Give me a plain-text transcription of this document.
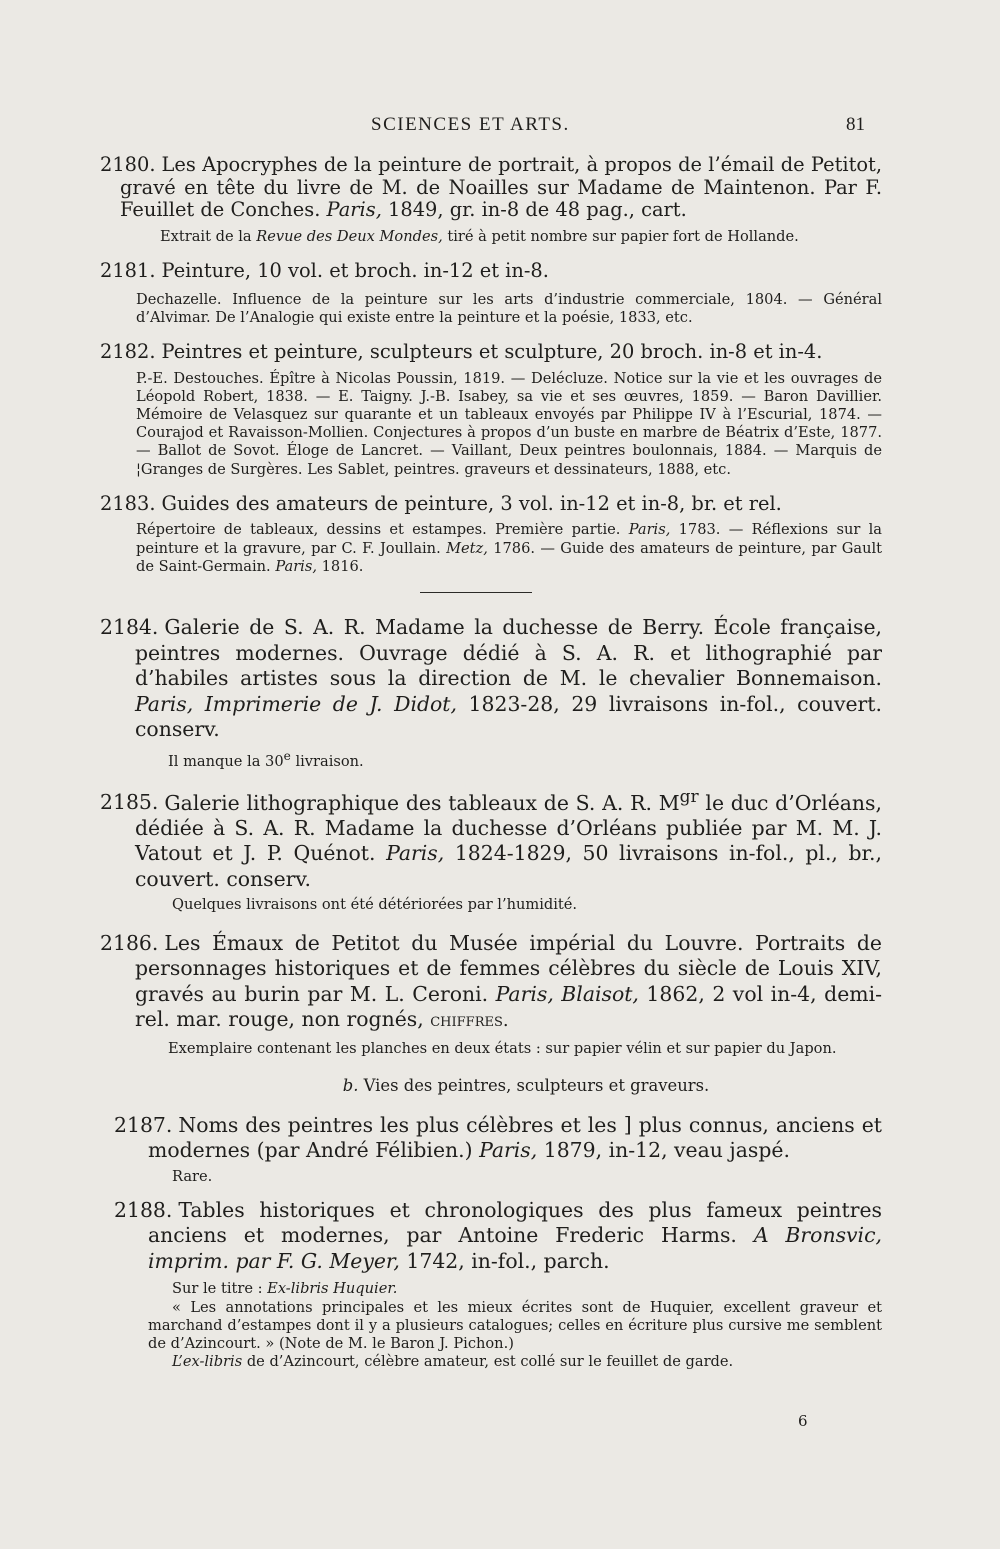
SCIENCES ET ARTS.	81

2180. Les Apocryphes de la peinture de portrait, à propos de l’émail de Petitot, gravé en tête du livre de M. de Noailles sur Madame de Maintenon. Par F. Feuillet de Conches. Paris, 1849, gr. in-8 de 48 pag., cart.

Extrait de la Revue des Deux Mondes, tiré à petit nombre sur papier fort de Hollande.

2181. Peinture, 10 vol. et broch. in-12 et in-8.

Dechazelle. Influence de la peinture sur les arts d’industrie commerciale, 1804. — Général d’Alvimar. De l’Analogie qui existe entre la peinture et la poésie, 1833, etc.

2182. Peintres et peinture, sculpteurs et sculpture, 20 broch. in-8 et in-4.

P.-E. Destouches. Épître à Nicolas Poussin, 1819. — Delécluze. Notice sur la vie et les ouvrages de Léopold Robert, 1838. — E. Taigny. J.-B. Isabey, sa vie et ses œuvres, 1859. — Baron Davillier. Mémoire de Velasquez sur quarante et un tableaux envoyés par Philippe IV à l’Escurial, 1874. — Courajod et Ravaisson-Mollien. Conjectures à propos d’un buste en marbre de Béatrix d’Este, 1877. — Ballot de Sovot. Éloge de Lancret. — Vaillant, Deux peintres boulonnais, 1884. — Marquis de ¦Granges de Surgères. Les Sablet, peintres. graveurs et dessinateurs, 1888, etc.

2183. Guides des amateurs de peinture, 3 vol. in-12 et in-8, br. et rel.

Répertoire de tableaux, dessins et estampes. Première partie. Paris, 1783. — Réflexions sur la peinture et la gravure, par C. F. Joullain. Metz, 1786. — Guide des amateurs de peinture, par Gault de Saint-Germain. Paris, 1816.

2184. Galerie de S. A. R. Madame la duchesse de Berry. École française, peintres modernes. Ouvrage dédié à S. A. R. et lithographié par d’habiles artistes sous la direction de M. le chevalier Bonnemaison. Paris, Imprimerie de J. Didot, 1823-28, 29 livraisons in-fol., couvert. conserv.

Il manque la 30e livraison.

2185. Galerie lithographique des tableaux de S. A. R. $M^{gr}$ le duc d’Orléans, dédiée à S. A. R. Madame la duchesse d’Orléans publiée par M. M. J. Vatout et J. P. Quénot. Paris, 1824-1829, 50 livraisons in-fol., pl., br., couvert. conserv.

Quelques livraisons ont été détériorées par l’humidité.

2186. Les Émaux de Petitot du Musée impérial du Louvre. Portraits de personnages historiques et de femmes célèbres du siècle de Louis XIV, gravés au burin par M. L. Ceroni. Paris, Blaisot, 1862, 2 vol in-4, demi-rel. mar. rouge, non rognés, chiffres.

Exemplaire contenant les planches en deux états : sur papier vélin et sur papier du Japon.

b. Vies des peintres, sculpteurs et graveurs.

2187. Noms des peintres les plus célèbres et les ] plus connus, anciens et modernes (par André Félibien.) Paris, 1879, in-12, veau jaspé.

Rare.

2188. Tables historiques et chronologiques des plus fameux peintres anciens et modernes, par Antoine Frederic Harms. A Bronsvic, imprim. par F. G. Meyer, 1742, in-fol., parch.

Sur le titre : Ex-libris Huquier.

« Les annotations principales et les mieux écrites sont de Huquier, excellent graveur et marchand d’estampes dont il y a plusieurs catalogues; celles en écriture plus cursive me semblent de d’Azincourt. » (Note de M. le Baron J. Pichon.)

L’ex-libris de d’Azincourt, célèbre amateur, est collé sur le feuillet de garde.

6
